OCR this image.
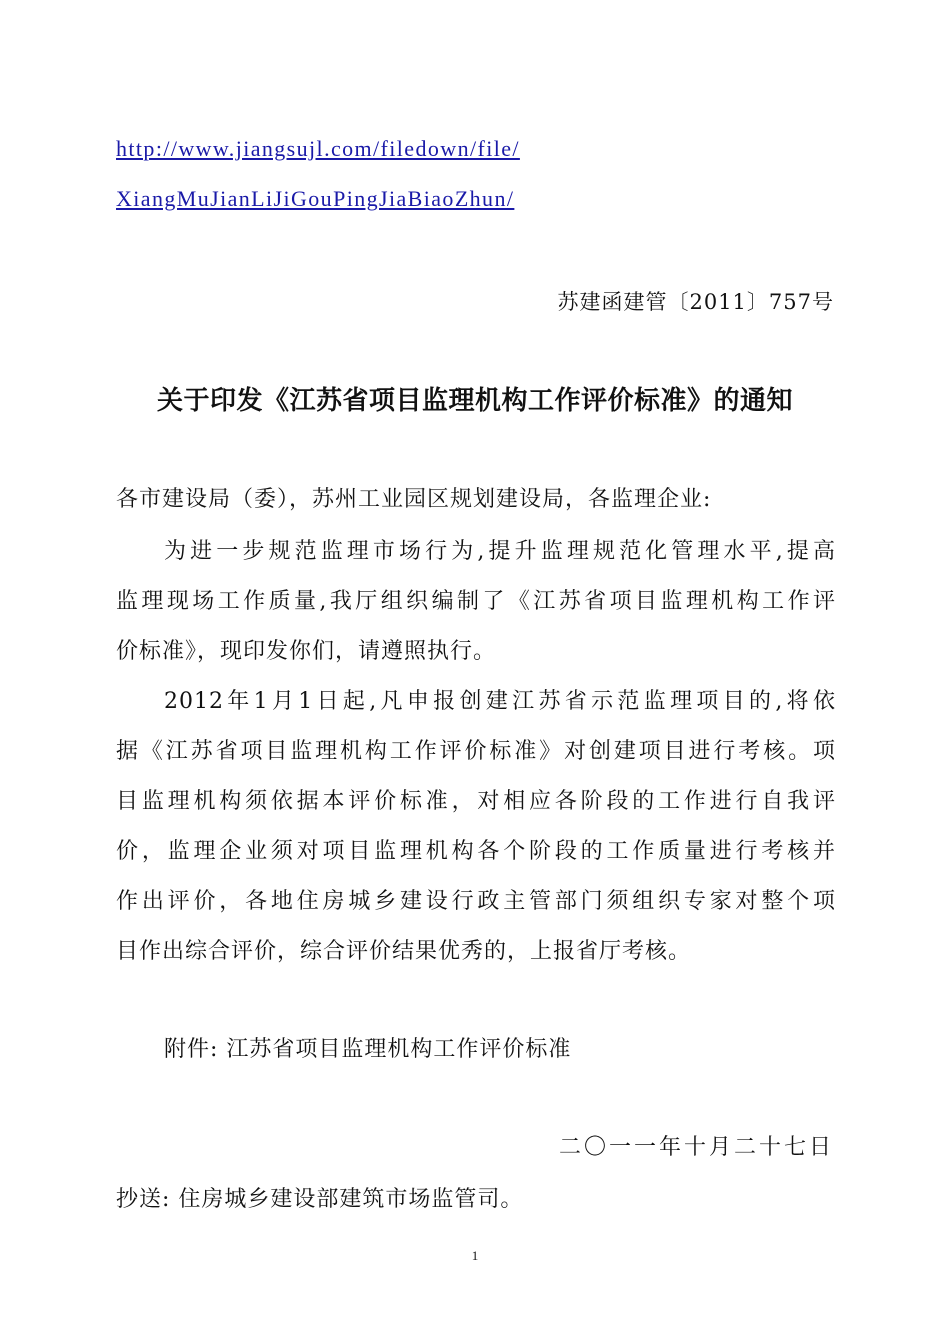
http://www.jiangsujl.com/filedown/file/
XiangMuJianLiJiGouPingJiaBiaoZhun/
苏建函建管〔2011〕757号
关于印发《江苏省项目监理机构工作评价标准》的通知
各市建设局（委），苏州工业园区规划建设局，各监理企业:
为进一步规范监理市场行为,提升监理规范化管理水平,提高
监理现场工作质量,我厅组织编制了《江苏省项目监理机构工作评
价标准》，现印发你们，请遵照执行。
2012年1月1日起,凡申报创建江苏省示范监理项目的,将依
据《江苏省项目监理机构工作评价标准》对创建项目进行考核。项
目监理机构须依据本评价标准，对相应各阶段的工作进行自我评
价，监理企业须对项目监理机构各个阶段的工作质量进行考核并
作出评价，各地住房城乡建设行政主管部门须组织专家对整个项
目作出综合评价，综合评价结果优秀的，上报省厅考核。
附件: 江苏省项目监理机构工作评价标准
二〇一一年十月二十七日
抄送: 住房城乡建设部建筑市场监管司。
1
